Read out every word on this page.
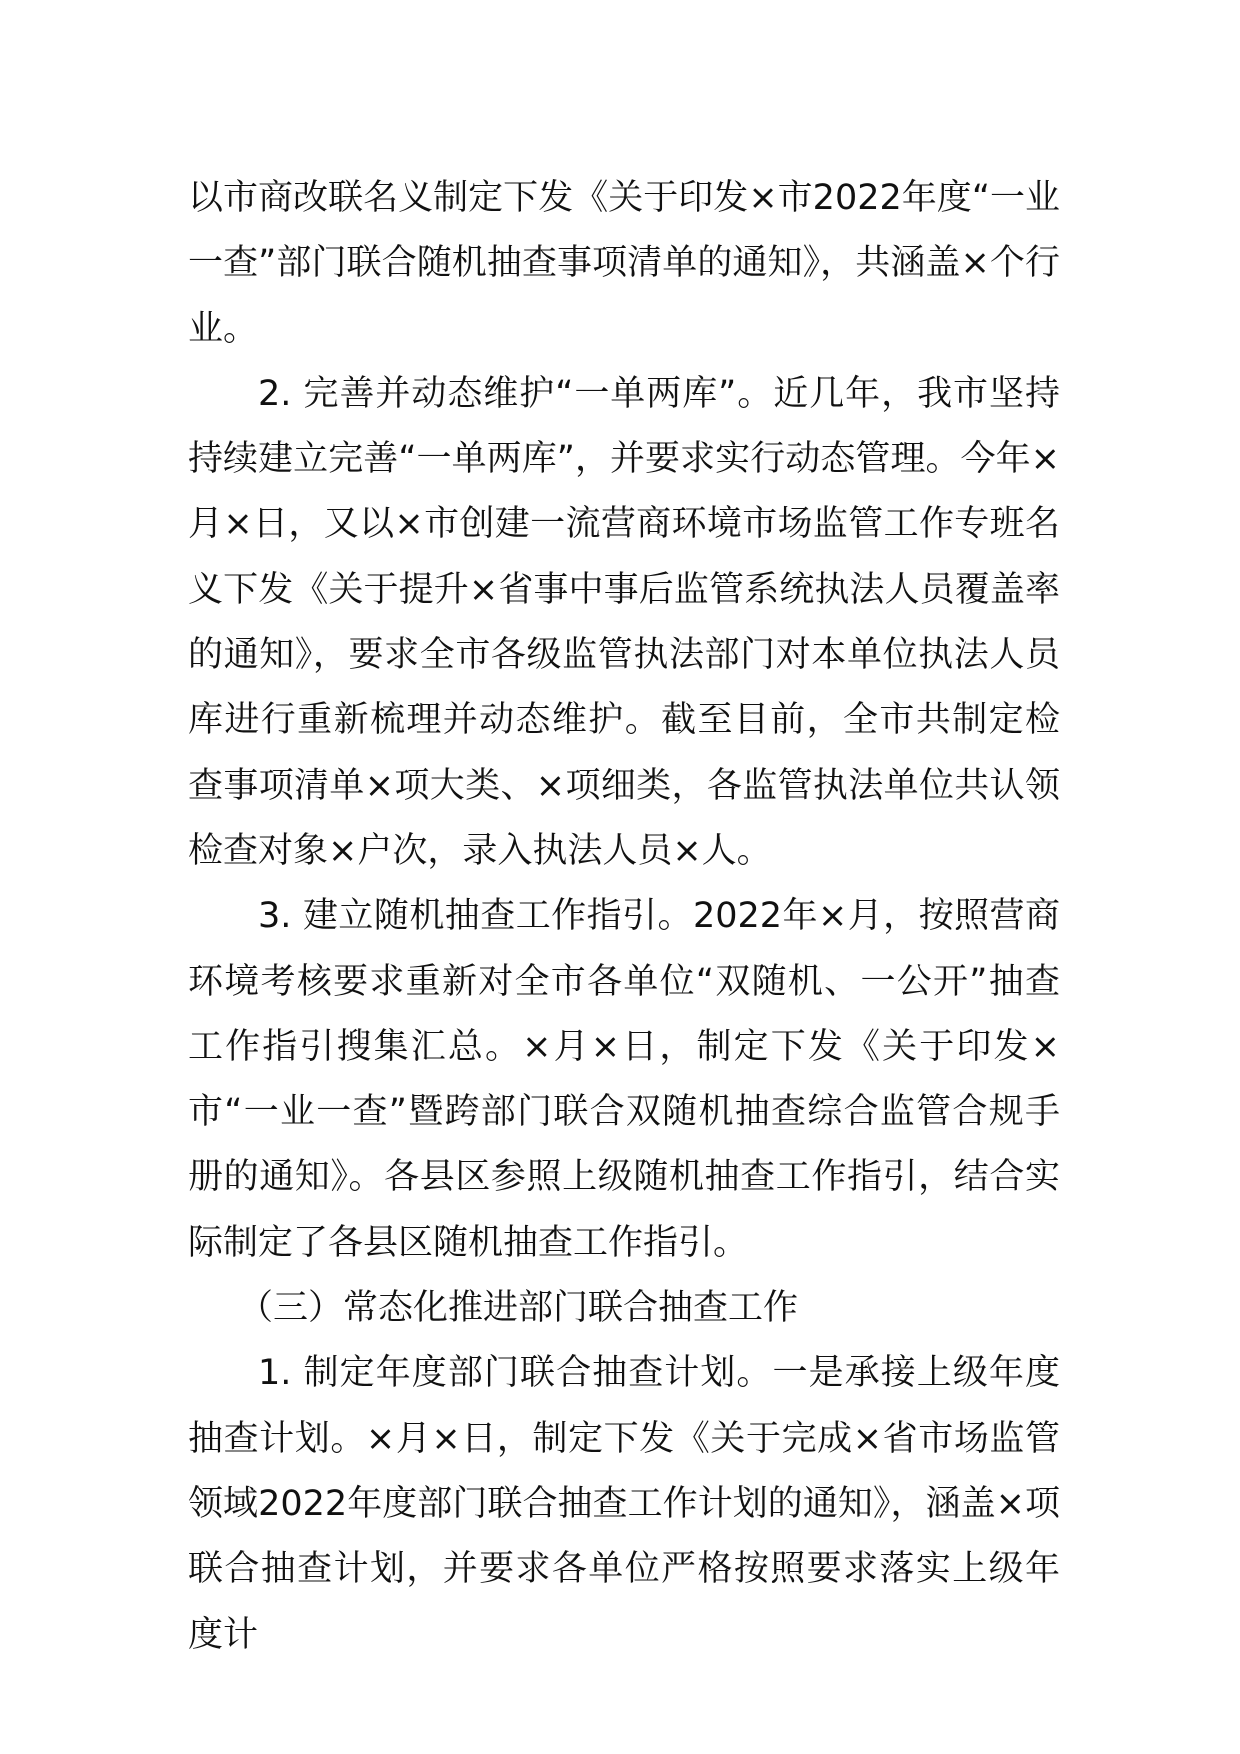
以市商改联名义制定下发《关于印发×市2022年度“一业一查”部门联合随机抽查事项清单的通知》，共涵盖×个行业。

2. 完善并动态维护“一单两库”。近几年，我市坚持持续建立完善“一单两库”，并要求实行动态管理。今年×月×日，又以×市创建一流营商环境市场监管工作专班名义下发《关于提升×省事中事后监管系统执法人员覆盖率的通知》，要求全市各级监管执法部门对本单位执法人员库进行重新梳理并动态维护。截至目前，全市共制定检查事项清单×项大类、×项细类，各监管执法单位共认领检查对象×户次，录入执法人员×人。

3. 建立随机抽查工作指引。2022年×月，按照营商环境考核要求重新对全市各单位“双随机、一公开”抽查工作指引搜集汇总。×月×日，制定下发《关于印发×市“一业一查”暨跨部门联合双随机抽查综合监管合规手册的通知》。各县区参照上级随机抽查工作指引，结合实际制定了各县区随机抽查工作指引。

（三）常态化推进部门联合抽查工作

1. 制定年度部门联合抽查计划。一是承接上级年度抽查计划。×月×日，制定下发《关于完成×省市场监管领域2022年度部门联合抽查工作计划的通知》，涵盖×项联合抽查计划，并要求各单位严格按照要求落实上级年度计
